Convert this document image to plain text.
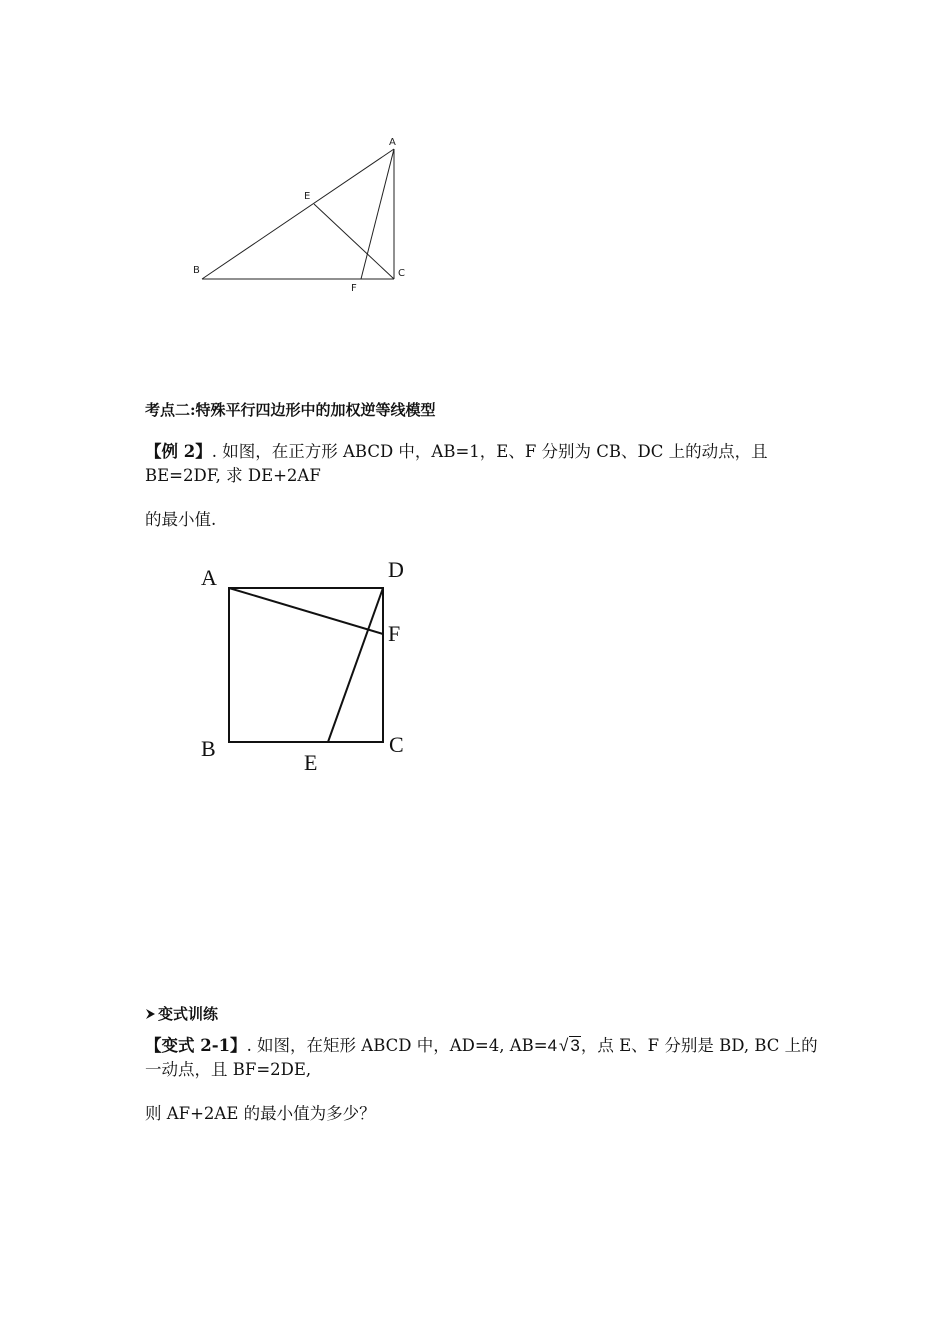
A
B	C
E
F
考点二:特殊平行四边形中的加权逆等线模型
【例 2】. 如图，在正方形 ABCD 中，AB=1，E、F 分别为 CB、DC 上的动点，且
BE=2DF, 求 DE+2AF
的最小值.
A	D
F
B	C
E
变式训练
【变式 2-1】. 如图，在矩形 ABCD 中，AD=4, AB=4 √ 3，点 E、F 分别是 BD, BC 上的
一动点，且 BF=2DE,
则 AF+2AE 的最小值为多少？
